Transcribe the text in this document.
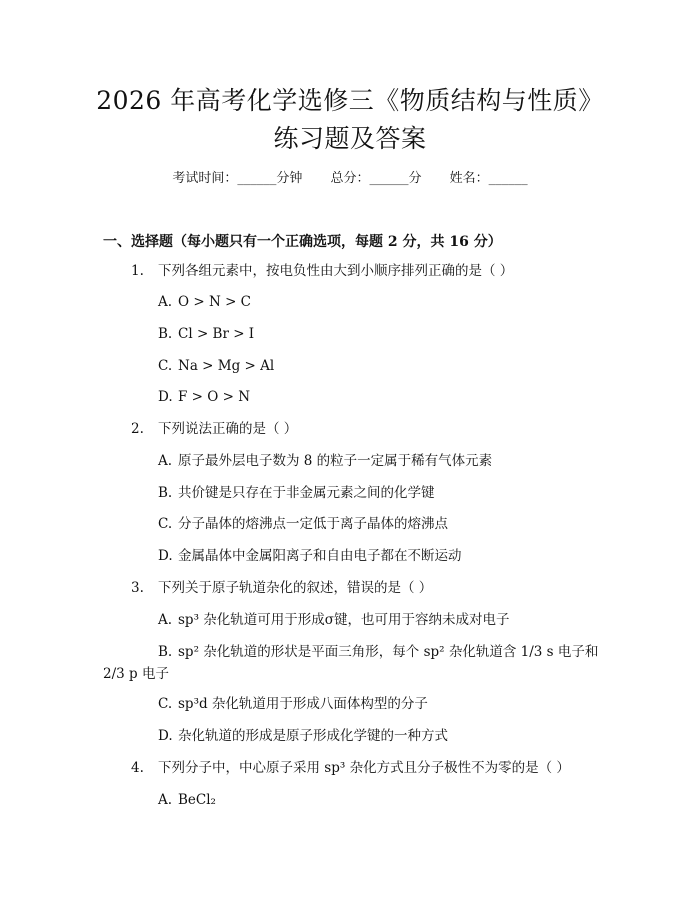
2026 年高考化学选修三《物质结构与性质》
练习题及答案
考试时间：______分钟 总分：______分 姓名：______
一、选择题（每小题只有一个正确选项，每题 2 分，共 16 分）
1. 下列各组元素中，按电负性由大到小顺序排列正确的是（ ）
A. O > N > C
B. Cl > Br > I
C. Na > Mg > Al
D. F > O > N
2. 下列说法正确的是（ ）
A. 原子最外层电子数为 8 的粒子一定属于稀有气体元素
B. 共价键是只存在于非金属元素之间的化学键
C. 分子晶体的熔沸点一定低于离子晶体的熔沸点
D. 金属晶体中金属阳离子和自由电子都在不断运动
3. 下列关于原子轨道杂化的叙述，错误的是（ ）
A. sp³ 杂化轨道可用于形成σ键，也可用于容纳未成对电子
B. sp² 杂化轨道的形状是平面三角形，每个 sp² 杂化轨道含 1/3 s 电子和
2/3 p 电子
C. sp³d 杂化轨道用于形成八面体构型的分子
D. 杂化轨道的形成是原子形成化学键的一种方式
4. 下列分子中，中心原子采用 sp³ 杂化方式且分子极性不为零的是（ ）
A. BeCl₂
